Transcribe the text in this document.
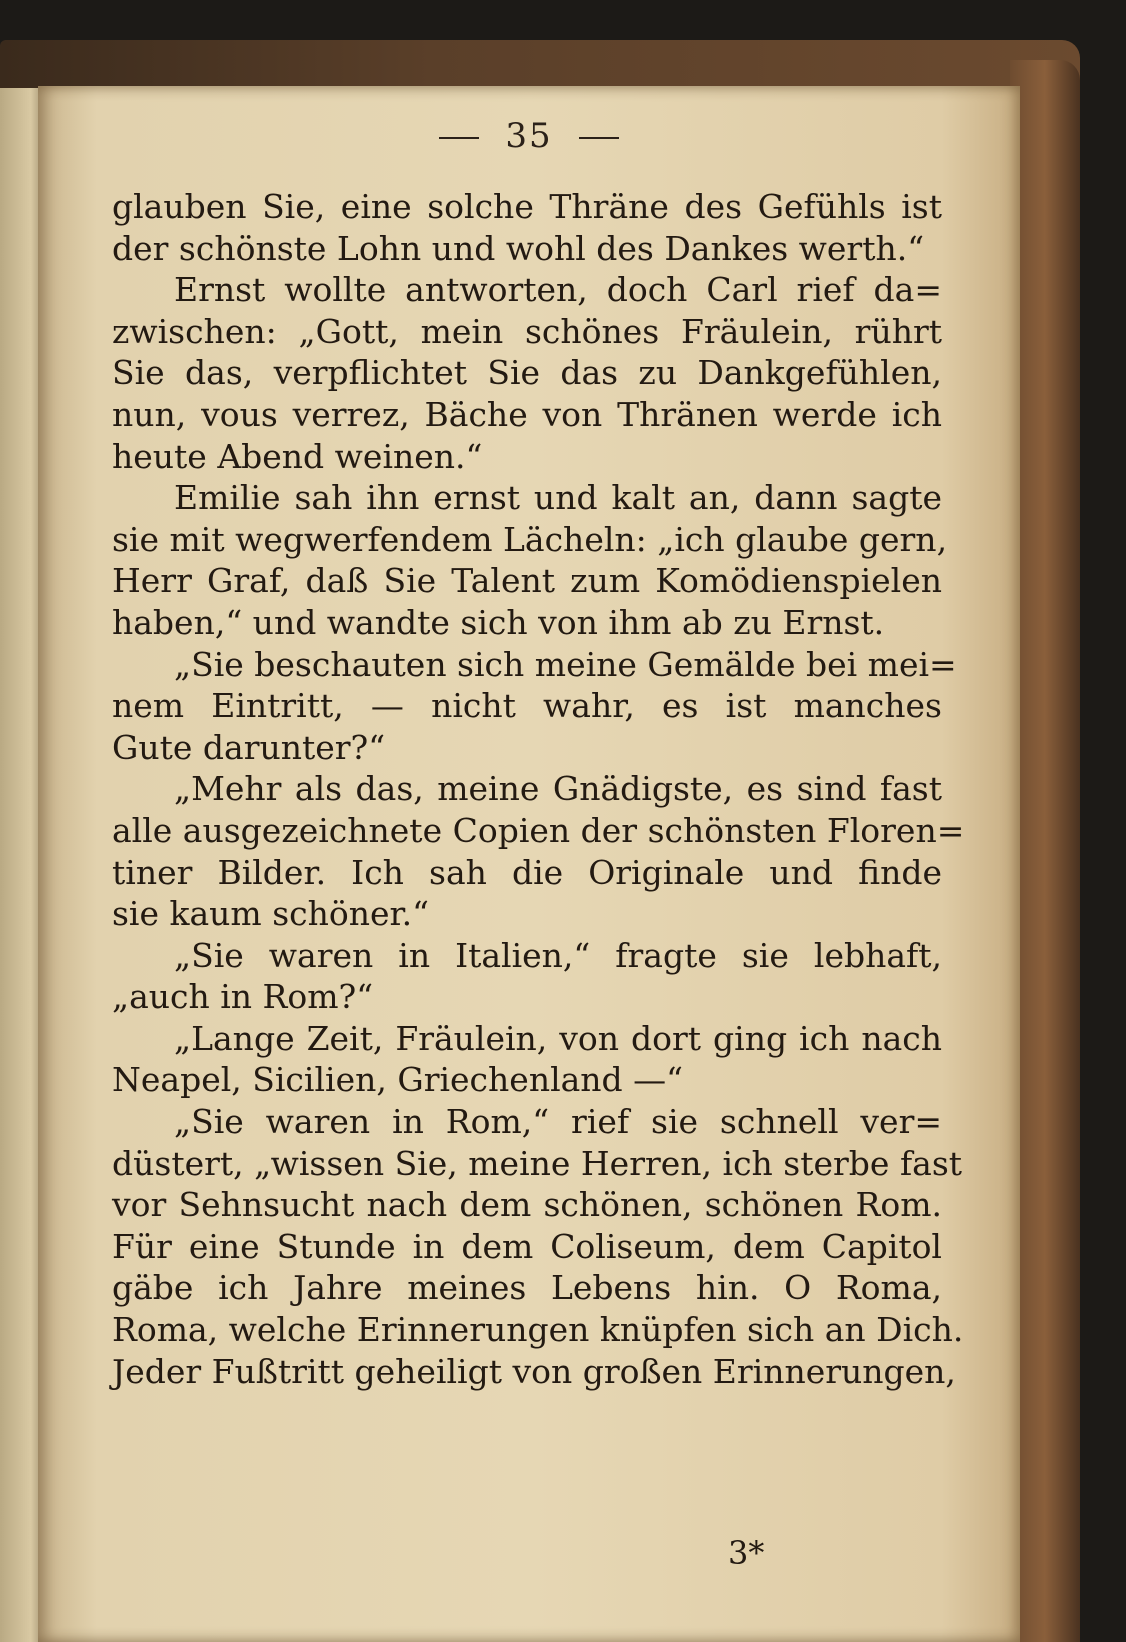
35
glauben Sie, eine solche Thräne des Gefühls ist
der schönste Lohn und wohl des Dankes werth.“
Ernst wollte antworten, doch Carl rief da=
zwischen: „Gott, mein schönes Fräulein, rührt
Sie das, verpflichtet Sie das zu Dankgefühlen,
nun, vous verrez, Bäche von Thränen werde ich
heute Abend weinen.“
Emilie sah ihn ernst und kalt an, dann sagte
sie mit wegwerfendem Lächeln: „ich glaube gern,
Herr Graf, daß Sie Talent zum Komödienspielen
haben,“ und wandte sich von ihm ab zu Ernst.
„Sie beschauten sich meine Gemälde bei mei=
nem Eintritt, — nicht wahr, es ist manches
Gute darunter?“
„Mehr als das, meine Gnädigste, es sind fast
alle ausgezeichnete Copien der schönsten Floren=
tiner Bilder. Ich sah die Originale und finde
sie kaum schöner.“
„Sie waren in Italien,“ fragte sie lebhaft,
„auch in Rom?“
„Lange Zeit, Fräulein, von dort ging ich nach
Neapel, Sicilien, Griechenland —“
„Sie waren in Rom,“ rief sie schnell ver=
düstert, „wissen Sie, meine Herren, ich sterbe fast
vor Sehnsucht nach dem schönen, schönen Rom.
Für eine Stunde in dem Coliseum, dem Capitol
gäbe ich Jahre meines Lebens hin. O Roma,
Roma, welche Erinnerungen knüpfen sich an Dich.
Jeder Fußtritt geheiligt von großen Erinnerungen,
3*
